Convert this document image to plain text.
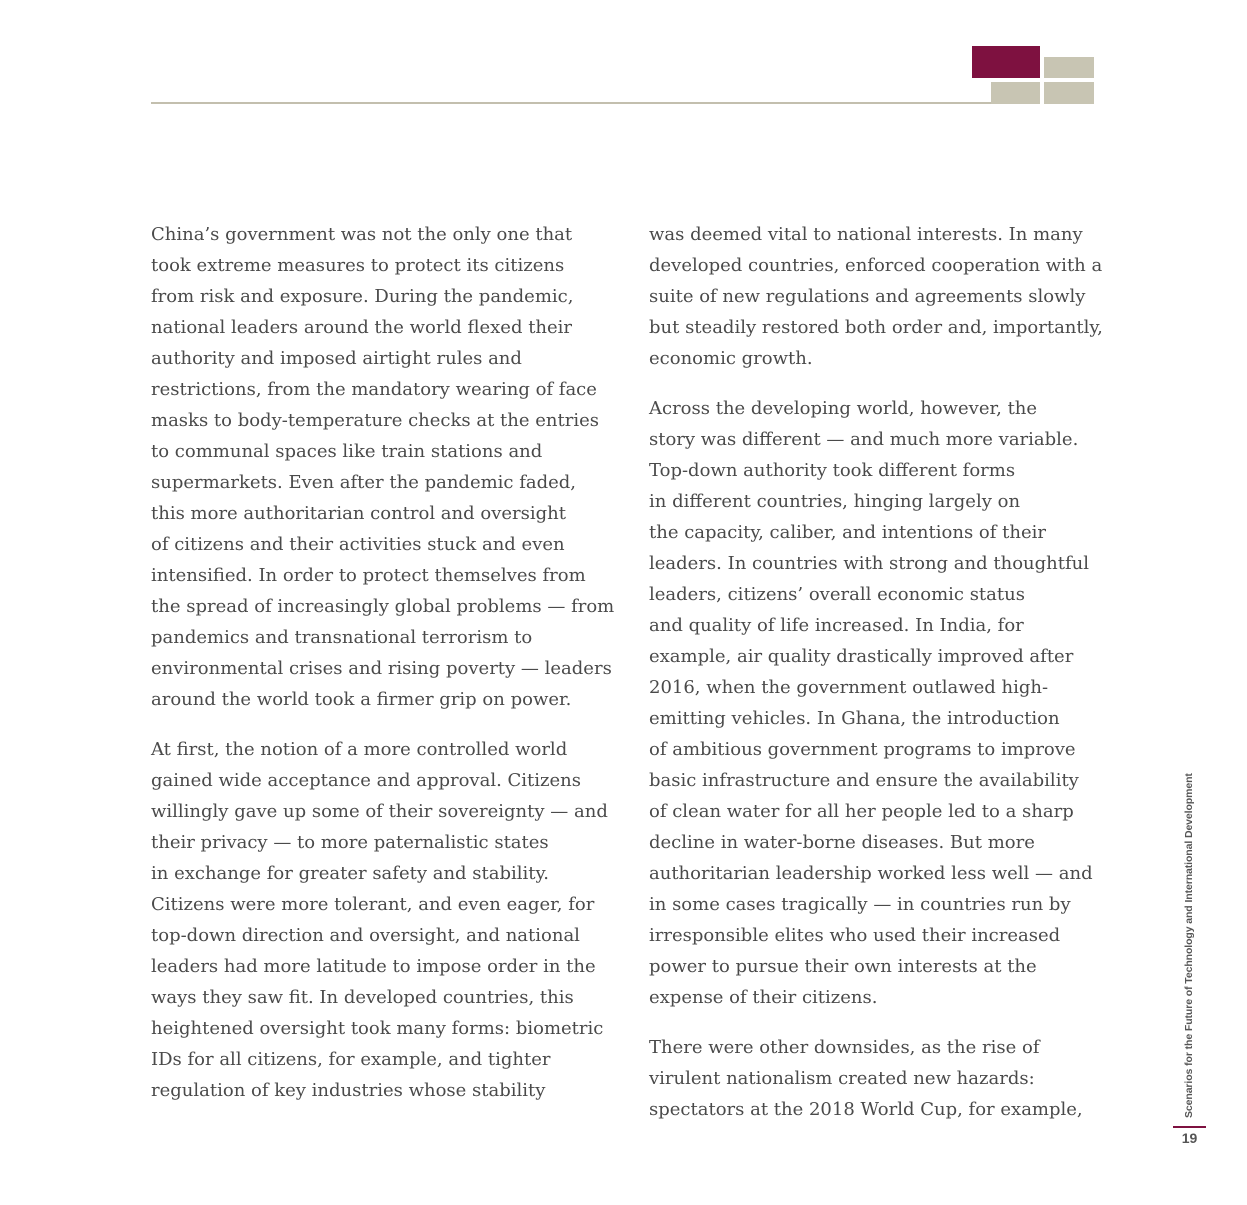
China’s government was not the only one that
took extreme measures to protect its citizens
from risk and exposure. During the pandemic,
national leaders around the world flexed their
authority and imposed airtight rules and
restrictions, from the mandatory wearing of face
masks to body-temperature checks at the entries
to communal spaces like train stations and
supermarkets. Even after the pandemic faded,
this more authoritarian control and oversight
of citizens and their activities stuck and even
intensified. In order to protect themselves from
the spread of increasingly global problems — from
pandemics and transnational terrorism to
environmental crises and rising poverty — leaders
around the world took a firmer grip on power.
At first, the notion of a more controlled world
gained wide acceptance and approval. Citizens
willingly gave up some of their sovereignty — and
their privacy — to more paternalistic states
in exchange for greater safety and stability.
Citizens were more tolerant, and even eager, for
top-down direction and oversight, and national
leaders had more latitude to impose order in the
ways they saw fit. In developed countries, this
heightened oversight took many forms: biometric
IDs for all citizens, for example, and tighter
regulation of key industries whose stability
was deemed vital to national interests. In many
developed countries, enforced cooperation with a
suite of new regulations and agreements slowly
but steadily restored both order and, importantly,
economic growth.
Across the developing world, however, the
story was different — and much more variable.
Top-down authority took different forms
in different countries, hinging largely on
the capacity, caliber, and intentions of their
leaders. In countries with strong and thoughtful
leaders, citizens’ overall economic status
and quality of life increased. In India, for
example, air quality drastically improved after
2016, when the government outlawed high-
emitting vehicles. In Ghana, the introduction
of ambitious government programs to improve
basic infrastructure and ensure the availability
of clean water for all her people led to a sharp
decline in water-borne diseases. But more
authoritarian leadership worked less well — and
in some cases tragically — in countries run by
irresponsible elites who used their increased
power to pursue their own interests at the
expense of their citizens.
There were other downsides, as the rise of
virulent nationalism created new hazards:
spectators at the 2018 World Cup, for example,	Scenarios for the Future of Technology and International Development
19
